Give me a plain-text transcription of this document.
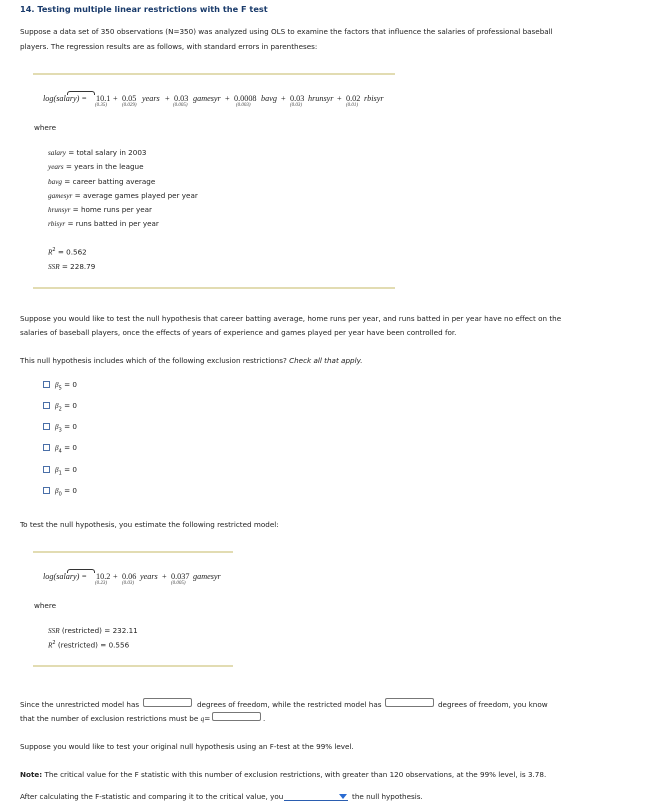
14. Testing multiple linear restrictions with the F test
Suppose a data set of 350 observations (N=350) was analyzed using OLS to examine the factors that influence the salaries of professional baseball
players. The regression results are as follows, with standard errors in parentheses:
log(salary) = 10.1
(0.35)
+ 0.05 years
(0.029)
+ 0.03 gamesyr
(0.005)
+ 0.0008 bavg
(0.003)
+ 0.03 hrunsyr
(0.03)
+ 0.02 rbisyr
(0.01)
where
salary = total salary in 2003
years = years in the league
bavg = career batting average
gamesyr = average games played per year
hrunsyr = home runs per year
rbisyr = runs batted in per year
$R^2 = 0.562$
SSR = 228.79
Suppose you would like to test the null hypothesis that career batting average, home runs per year, and runs batted in per year have no effect on the
salaries of baseball players, once the effects of years of experience and games played per year have been controlled for.
This null hypothesis includes which of the following exclusion restrictions? Check all that apply.
$\beta_5 = 0$
$\beta_2 = 0$
$\beta_3 = 0$
$\beta_4 = 0$
$\beta_1 = 0$
$\beta_0 = 0$
To test the null hypothesis, you estimate the following restricted model:
log(salary) = 10.2
(0.23)
+ 0.06 years
(0.03)
+ 0.037 gamesyr
(0.005)
where
SSR (restricted) = 232.11
$R^2$ (restricted) = 0.556
Since the unrestricted model has	degrees of freedom, while the restricted model has	degrees of freedom, you know
that the number of exclusion restrictions must be q=	.
Suppose you would like to test your original null hypothesis using an F-test at the 99% level.
Note: The critical value for the F statistic with this number of exclusion restrictions, with greater than 120 observations, at the 99% level, is 3.78.
After calculating the F-statistic and comparing it to the critical value, you	the null hypothesis.
